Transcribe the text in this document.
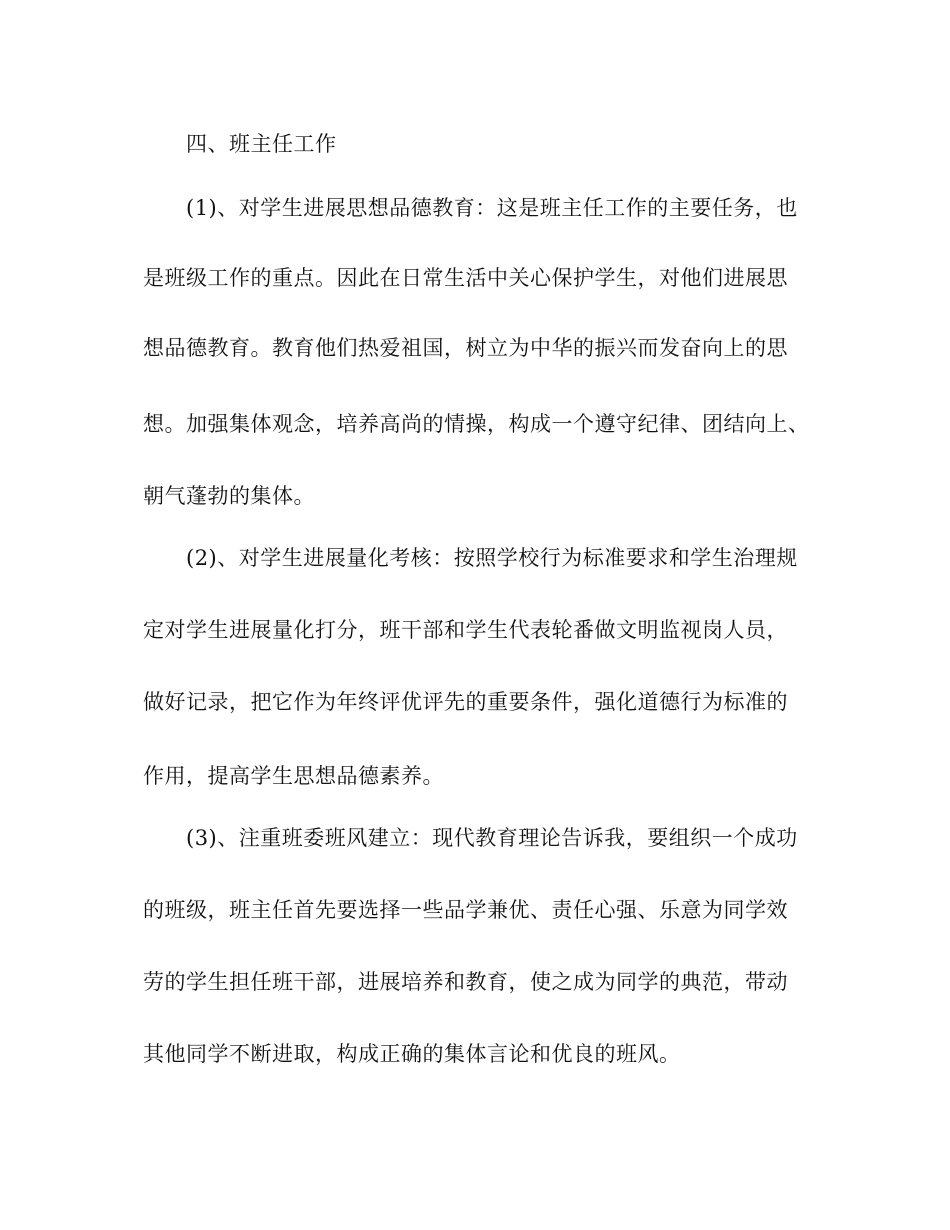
四、班主任工作
(1)、对学生进展思想品德教育：这是班主任工作的主要任务，也
是班级工作的重点。因此在日常生活中关心保护学生，对他们进展思
想品德教育。教育他们热爱祖国，树立为中华的振兴而发奋向上的思
想。加强集体观念，培养高尚的情操，构成一个遵守纪律、团结向上、
朝气蓬勃的集体。
(2)、对学生进展量化考核：按照学校行为标准要求和学生治理规
定对学生进展量化打分，班干部和学生代表轮番做文明监视岗人员，
做好记录，把它作为年终评优评先的重要条件，强化道德行为标准的
作用，提高学生思想品德素养。
(3)、注重班委班风建立：现代教育理论告诉我，要组织一个成功
的班级，班主任首先要选择一些品学兼优、责任心强、乐意为同学效
劳的学生担任班干部，进展培养和教育，使之成为同学的典范，带动
其他同学不断进取，构成正确的集体言论和优良的班风。
